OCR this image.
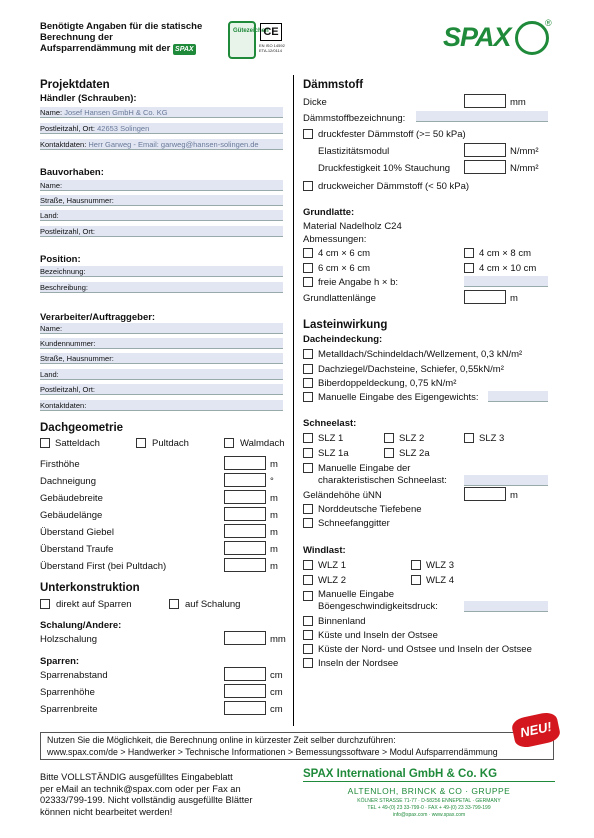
Benötigte Angaben für die statische Berechnung der Aufsparrendämmung mit der SPAX
Gütezeichen
CE
EN ISO 14592 ETA-12/0114	SPAX	®
Projektdaten
Händler (Schrauben):
Name: Josef Hansen GmbH & Co. KG
Postleitzahl, Ort: 42653 Solingen
Kontaktdaten: Herr Garweg - Email: garweg@hansen-solingen.de
Bauvorhaben:
Name:
Straße, Hausnummer:
Land:
Postleitzahl, Ort:
Position:
Bezeichnung:
Beschreibung:
Verarbeiter/Auftraggeber:
Name:
Kundennummer:
Straße, Hausnummer:
Land:
Postleitzahl, Ort:
Kontaktdaten:
Dachgeometrie
Satteldach	Pultdach	Walmdach
Firsthöhe	m
Dachneigung	°
Gebäudebreite	m
Gebäudelänge	m
Überstand Giebel	m
Überstand Traufe	m
Überstand First (bei Pultdach)	m
Unterkonstruktion
direkt auf Sparren	auf Schalung
Schalung/Andere:
Holzschalung	mm
Sparren:
Sparrenabstand	cm
Sparrenhöhe	cm
Sparrenbreite	cm
Dämmstoff
Dicke	mm
Dämmstoffbezeichnung:
druckfester Dämmstoff (>= 50 kPa)
Elastizitätsmodul	N/mm²
Druckfestigkeit 10% Stauchung	N/mm²
druckweicher Dämmstoff (< 50 kPa)
Grundlatte:
Material Nadelholz C24
Abmessungen:
4 cm × 6 cm	4 cm × 8 cm
6 cm × 6 cm	4 cm × 10 cm
freie Angabe h × b:
Grundlattenlänge	m
Lasteinwirkung
Dacheindeckung:
Metalldach/Schindeldach/Wellzement, 0,3 kN/m²
Dachziegel/Dachsteine, Schiefer, 0,55kN/m²
Biberdoppeldeckung, 0,75 kN/m²
Manuelle Eingabe des Eigengewichts:
Schneelast:
SLZ 1	SLZ 2	SLZ 3
SLZ 1a	SLZ 2a
Manuelle Eingabe der
charakteristischen Schneelast:
Geländehöhe üNN	m
Norddeutsche Tiefebene
Schneefanggitter
Windlast:
WLZ 1	WLZ 3
WLZ 2	WLZ 4
Manuelle Eingabe
Böengeschwindigkeitsdruck:
Binnenland
Küste und Inseln der Ostsee
Küste der Nord- und Ostsee und Inseln der Ostsee
Inseln der Nordsee
Nutzen Sie die Möglichkeit, die Berechnung online in kürzester Zeit selber durchzuführen:
www.spax.com/de > Handwerker > Technische Informationen > Bemessungssoftware > Modul Aufsparrendämmung
NEU!
Bitte VOLLSTÄNDIG ausgefülltes Eingabeblatt
per eMail an technik@spax.com oder per Fax an
02333/799-199. Nicht vollständig ausgefüllte Blätter
können nicht bearbeitet werden!
SPAX International GmbH & Co. KG
ALTENLOH, BRINCK & CO · GRUPPE
KÖLNER STRASSE 71-77 · D-58256 ENNEPETAL · GERMANY
TEL + 49-(0) 23 33-799-0 · FAX + 49-(0) 23 33-799-199
info@spax.com · www.spax.com
